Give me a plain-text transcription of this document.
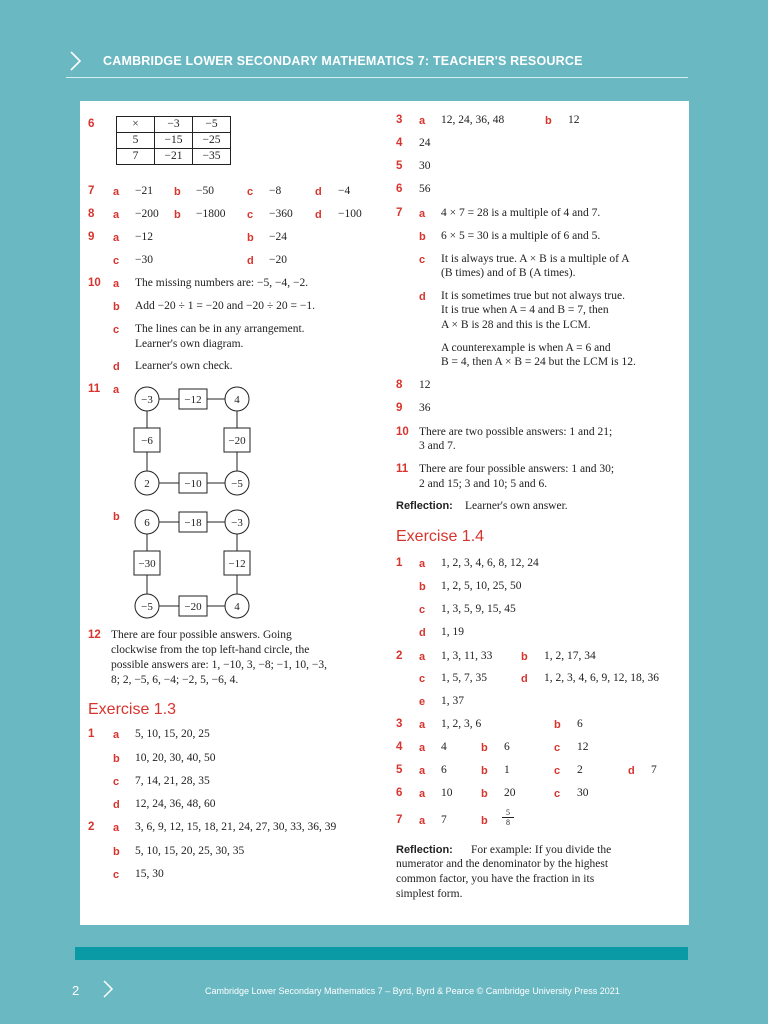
CAMBRIDGE LOWER SECONDARY MATHEMATICS 7: TEACHER'S RESOURCE
6	×	−3	−5
5	−15	−25
7	−21	−35
7 a −21 b −50	c −8	d −4
8 a −200 b −1800 c −360 d −100
9 a −12	b −24
c −30	d −20
10 a The missing numbers are: −5, −4, −2.
b Add −20 ÷ 1 = −20 and −20 ÷ 20 = −1.
c The lines can be in any arrangement.
Learner's own diagram.
d Learner's own check.
11 a
−3	−12	4
−6	−20
2	−10	−5
b 6	−18	−3
−30	−12
−5	−20	4
12 There are four possible answers. Going
clockwise from the top left-hand circle, the
possible answers are: 1, −10, 3, −8; −1, 10, −3,
8; 2, −5, 6, −4; −2, 5, −6, 4.
Exercise 1.3
1 a 5, 10, 15, 20, 25
b 10, 20, 30, 40, 50
c 7, 14, 21, 28, 35
d 12, 24, 36, 48, 60
2 a 3, 6, 9, 12, 15, 18, 21, 24, 27, 30, 33, 36, 39
b 5, 10, 15, 20, 25, 30, 35
c 15, 30
3 a 12, 24, 36, 48	b 12
4 24
5 30
6 56
7 a 4 × 7 = 28 is a multiple of 4 and 7.
b 6 × 5 = 30 is a multiple of 6 and 5.
c It is always true. A × B is a multiple of A
(B times) and of B (A times).
d It is sometimes true but not always true.
It is true when A = 4 and B = 7, then
A × B is 28 and this is the LCM.
A counterexample is when A = 6 and
B = 4, then A × B = 24 but the LCM is 12.
8 12
9 36
10 There are two possible answers: 1 and 21;
3 and 7.
11 There are four possible answers: 1 and 30;
2 and 15; 3 and 10; 5 and 6.
Reflection: Learner's own answer.
Exercise 1.4
1 a 1, 2, 3, 4, 6, 8, 12, 24
b 1, 2, 5, 10, 25, 50
c 1, 3, 5, 9, 15, 45
d 1, 19
2 a 1, 3, 11, 33	b 1, 2, 17, 34
c 1, 5, 7, 35	d 1, 2, 3, 4, 6, 9, 12, 18, 36
e 1, 37
3 a 1, 2, 3, 6	b 6
4 a 4	b 6	c 12
5 a 6	b 1	c 2	d 7
6 a 10	b 20	c 30
7 a 7	b $\frac{5}{8}$
Reflection: For example: If you divide the
numerator and the denominator by the highest
common factor, you have the fraction in its
simplest form.
2	Cambridge Lower Secondary Mathematics 7 – Byrd, Byrd & Pearce © Cambridge University Press 2021
